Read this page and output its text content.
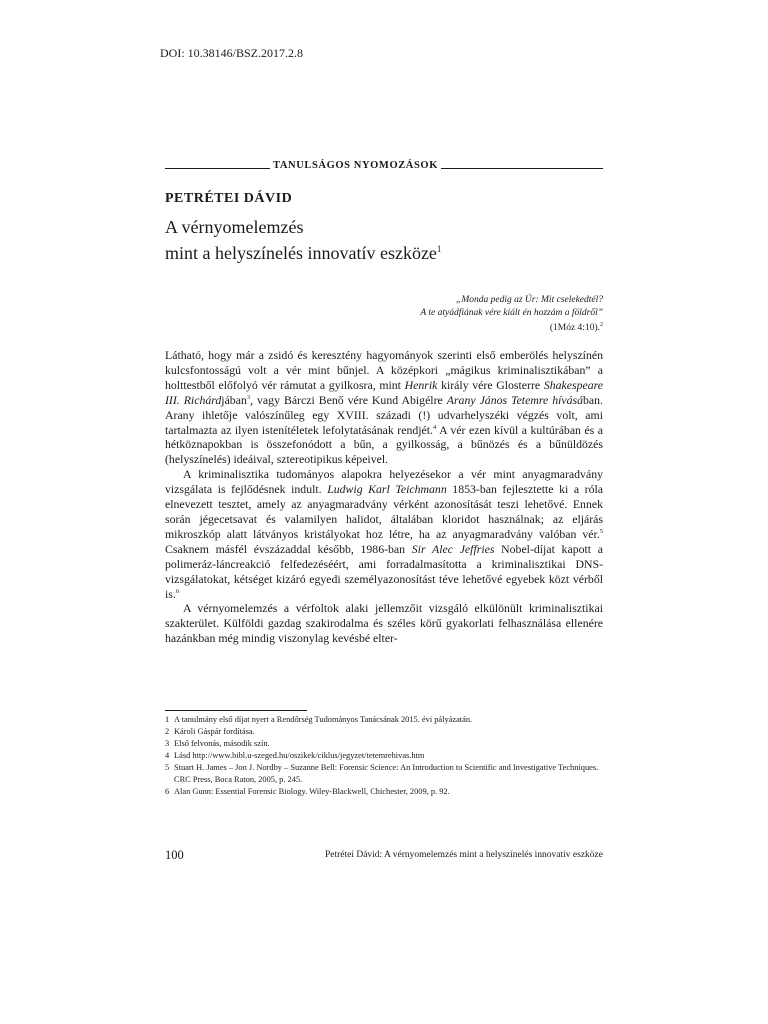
DOI: 10.38146/BSZ.2017.2.8
TANULSÁGOS NYOMOZÁSOK
PETRÉTEI DÁVID
A vérnyomelemzés
mint a helyszínelés innovatív eszköze$^1$
„Monda pedig az Úr: Mit cselekedtél?
A te atyádfiának vére kiált én hozzám a földről”
(1Móz 4:10).$^2$

Látható, hogy már a zsidó és keresztény hagyományok szerinti első emberölés helyszínén kulcsfontosságú volt a vér mint bűnjel. A középkori „mágikus kriminalisztikában” a holttestből előfolyó vér rámutat a gyilkosra, mint Henrik király vére Glosterre Shakespeare III. Richárdjában$^3$, vagy Bárczi Benő vére Kund Abigélre Arany János Tetemre hívásában. Arany ihletője valószínűleg egy XVIII. századi (!) udvarhelyszéki végzés volt, ami tartalmazta az ilyen istenítéletek lefolytatásának rendjét.$^4$ A vér ezen kívül a kultúrában és a hétköznapokban is összefonódott a bűn, a gyilkosság, a bűnözés és a bűnüldözés (helyszínelés) ideáival, sztereotipikus képeivel.

A kriminalisztika tudományos alapokra helyezésekor a vér mint anyagmaradvány vizsgálata is fejlődésnek indult. Ludwig Karl Teichmann 1853-ban fejlesztette ki a róla elnevezett tesztet, amely az anyagmaradvány vérként azonosítását teszi lehetővé. Ennek során jégecetsavat és valamilyen halidot, általában kloridot használnak; az eljárás mikroszkóp alatt látványos kristályokat hoz létre, ha az anyagmaradvány valóban vér.$^5$ Csaknem másfél évszázaddal később, 1986-ban Sir Alec Jeffries Nobel-díjat kapott a polimeráz-láncreakció felfedezéséért, ami forradalmasította a kriminalisztikai DNS-vizsgálatokat, kétséget kizáró egyedi személyazonosítást téve lehetővé egyebek közt vérből is.$^6$

A vérnyomelemzés a vérfoltok alaki jellemzőit vizsgáló elkülönült kriminalisztikai szakterület. Külföldi gazdag szakirodalma és széles körű gyakorlati felhasználása ellenére hazánkban még mindig viszonylag kevésbé elter-

1 A tanulmány első díjat nyert a Rendőrség Tudományos Tanácsának 2015. évi pályázatán.
2 Károli Gáspár fordítása.
3 Első felvonás, második szín.
4 Lásd http://www.bibl.u-szeged.hu/oszikek/ciklus/jegyzet/tetemrehivas.htm
5 Stuart H. James – Jon J. Nordby – Suzanne Bell: Forensic Science: An Introduction to Scientific and Investigative Techniques. CRC Press, Boca Raton, 2005, p. 245.
6 Alan Gunn: Essential Forensic Biology. Wiley-Blackwell, Chichester, 2009, p. 92.
100	Petrétei Dávid: A vérnyomelemzés mint a helyszínelés innovatív eszköze
